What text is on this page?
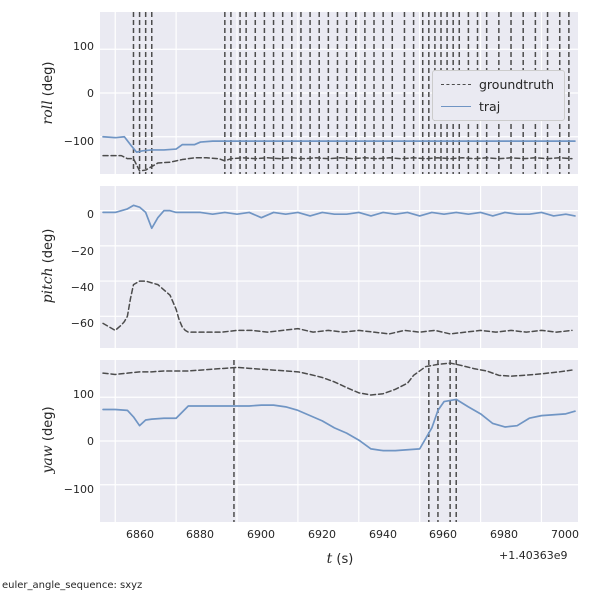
roll (deg)
100
0
−100
groundtruth
traj
pitch (deg)
0
−20
−40
−60
yaw (deg)
100
0
−100
6860	6880	6900	6920	6940	6960	6980	7000
t (s)	+1.40363e9
euler_angle_sequence: sxyz
